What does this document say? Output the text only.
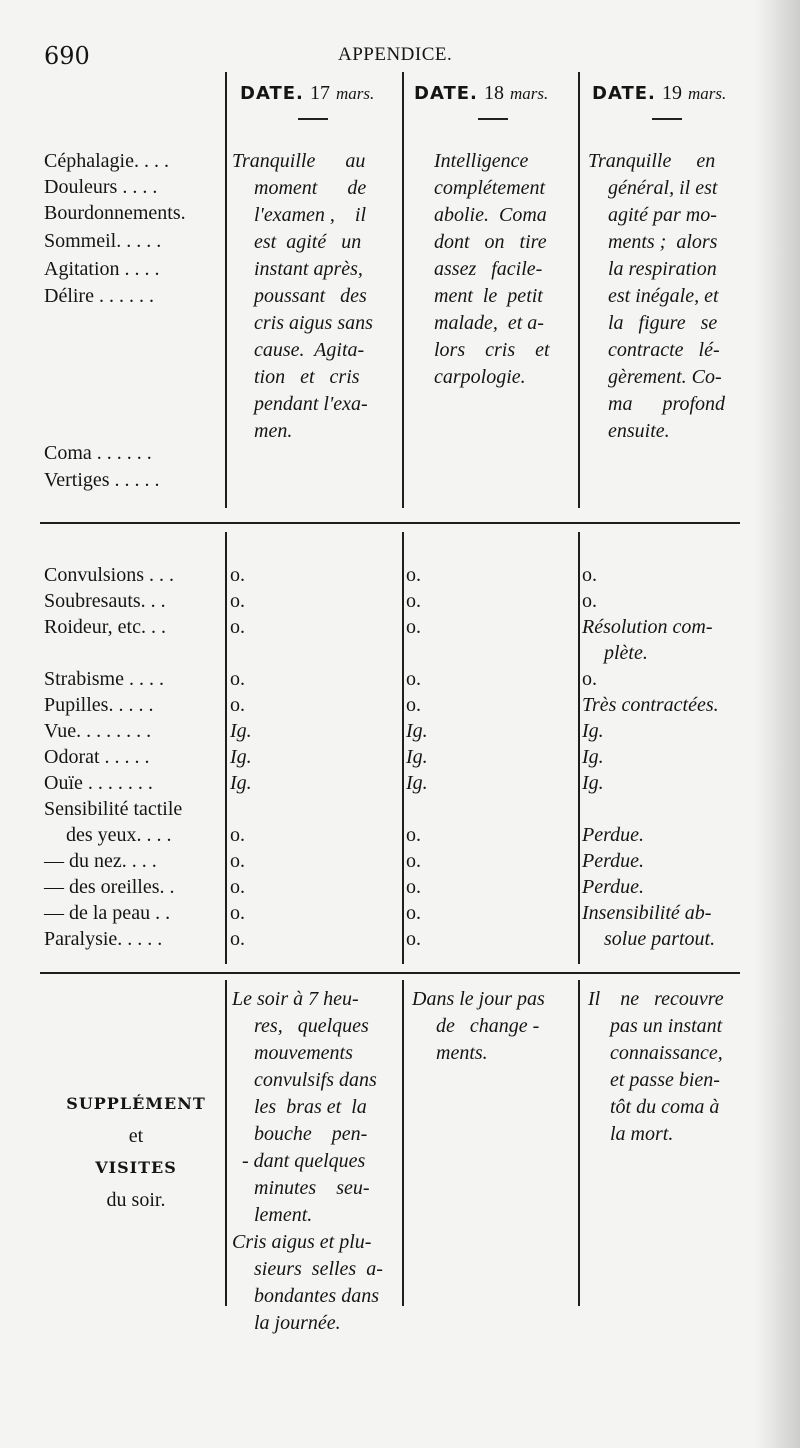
690	APPENDICE.
DATE. 17 mars. DATE. 18 mars. DATE. 19 mars.
Céphalagie. . . .
Douleurs . . . .
Bourdonnements.
Sommeil. . . . .
Agitation . . . .
Délire . . . . . .
Coma . . . . . .
Vertiges . . . . .
Tranquille      au
moment      de
l'examen ,    il
est  agité   un
instant après,
poussant   des
cris aigus sans
cause.  Agita-
tion   et   cris
pendant l'exa-
men.
Intelligence
complétement
abolie.  Coma
dont   on   tire
assez   facile-
ment  le  petit
malade,  et a-
lors    cris    et
carpologie.
Tranquille     en
général, il est
agité par mo-
ments ;  alors
la respiration
est inégale, et
la   figure   se
contracte   lé-
gèrement. Co-
ma      profond
ensuite.
Convulsions . . .
Soubresauts. . .
Roideur, etc. . .
Strabisme . . . .
Pupilles. . . . .
Vue. . . . . . . .
Odorat . . . . .
Ouïe . . . . . . .
Sensibilité tactile
des yeux. . . .
— du nez. . . .
— des oreilles. .
— de la peau . .
Paralysie. . . . .
o.
o.
o.
o.
o.
Ig.
Ig.
Ig.
o.
o.
o.
o.
o.
o.
o.
o.
o.
o.
Ig.
Ig.
Ig.
o.
o.
o.
o.
o.
o.
o.
Résolution com-
plète.
o.
Très contractées.
Ig.
Ig.
Ig.
Perdue.
Perdue.
Perdue.
Insensibilité ab-
solue partout.
SUPPLÉMENT
et
VISITES
du soir.
Le soir à 7 heu-
res,   quelques
mouvements
convulsifs dans
les  bras et  la
bouche    pen-
- dant quelques
minutes    seu-
lement.
Cris aigus et plu-
sieurs  selles  a-
bondantes dans
la journée.
Dans le jour pas
de   change -
ments.
Il    ne   recouvre
pas un instant
connaissance,
et passe bien-
tôt du coma à
la mort.
